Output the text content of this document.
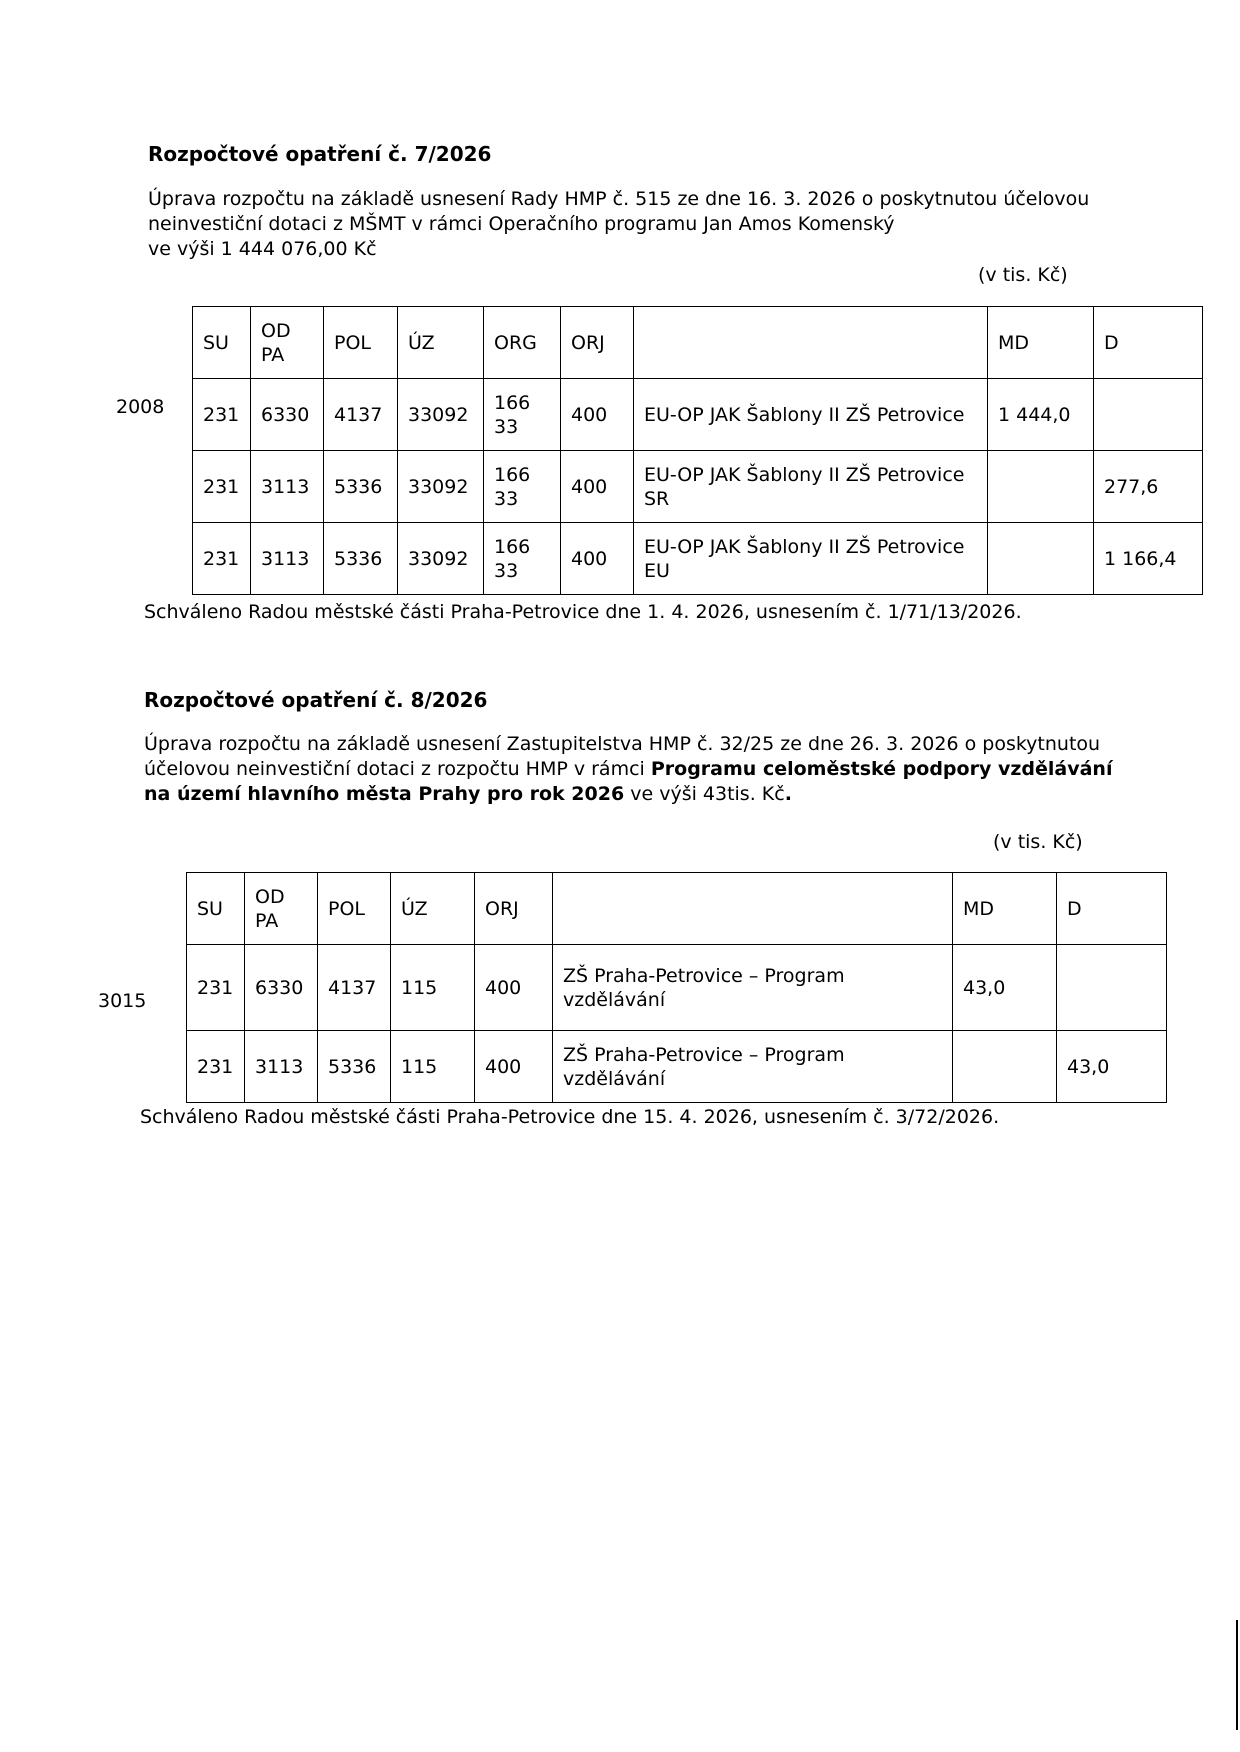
Rozpočtové opatření č. 7/2026
Úprava rozpočtu na základě usnesení Rady HMP č. 515 ze dne 16. 3. 2026 o poskytnutou účelovou
neinvestiční dotaci z MŠMT v rámci Operačního programu Jan Amos Komenský
ve výši 1 444 076,00 Kč
(v tis. Kč)
2008
SU	ODPA	POL	ÚZ	ORG	ORJ		MD	D
231	6330	4137	33092	16633	400	EU-OP JAK Šablony II ZŠ Petrovice	1 444,0	
231	3113	5336	33092	16633	400	EU-OP JAK Šablony II ZŠ Petrovice SR		277,6
231	3113	5336	33092	16633	400	EU-OP JAK Šablony II ZŠ Petrovice EU		1 166,4
Schváleno Radou městské části Praha-Petrovice dne 1. 4. 2026, usnesením č. 1/71/13/2026.
Rozpočtové opatření č. 8/2026
Úprava rozpočtu na základě usnesení Zastupitelstva HMP č. 32/25 ze dne 26. 3. 2026 o poskytnutou
účelovou neinvestiční dotaci z rozpočtu HMP v rámci Programu celoměstské podpory vzdělávání
na území hlavního města Prahy pro rok 2026 ve výši 43tis. Kč.
(v tis. Kč)
3015
SU	ODPA	POL	ÚZ	ORJ		MD	D
231	6330	4137	115	400	ZŠ Praha-Petrovice – Program vzdělávání	43,0	
231	3113	5336	115	400	ZŠ Praha-Petrovice – Program vzdělávání		43,0
Schváleno Radou městské části Praha-Petrovice dne 15. 4. 2026, usnesením č. 3/72/2026.
